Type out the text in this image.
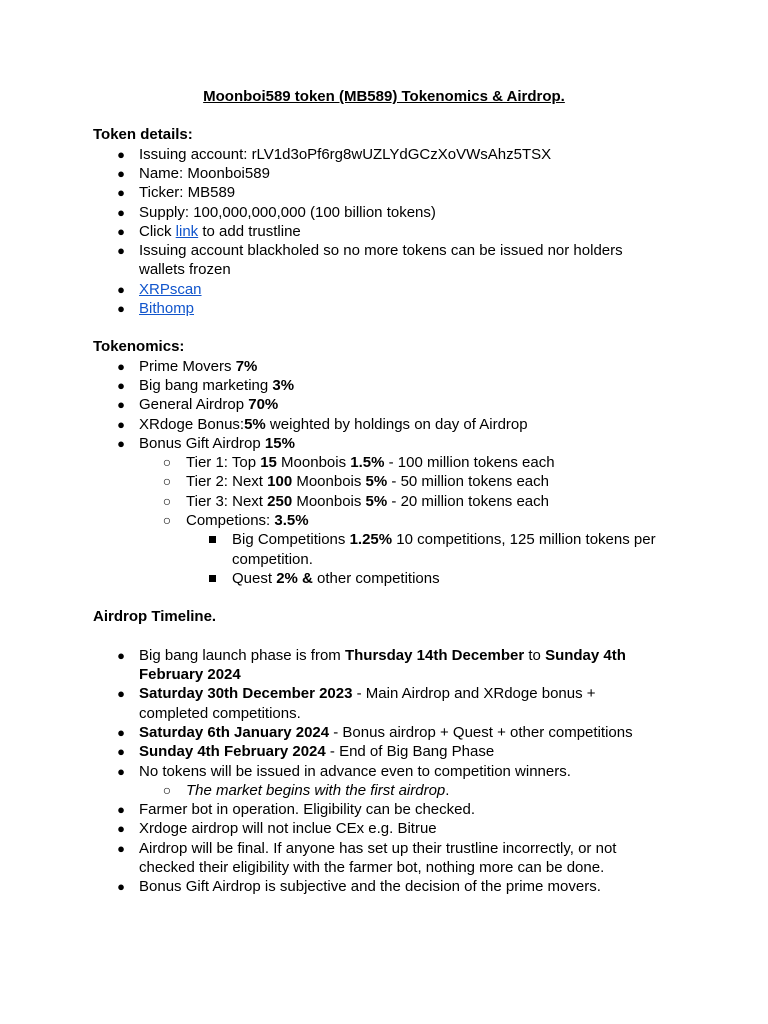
Moonboi589 token (MB589) Tokenomics & Airdrop.
Token details:
● Issuing account: rLV1d3oPf6rg8wUZLYdGCzXoVWsAhz5TSX
● Name: Moonboi589
● Ticker: MB589
● Supply: 100,000,000,000 (100 billion tokens)
● Click link to add trustline
● Issuing account blackholed so no more tokens can be issued nor holders
wallets frozen
● XRPscan
● Bithomp
Tokenomics:
● Prime Movers 7%
● Big bang marketing 3%
● General Airdrop 70%
● XRdoge Bonus:5% weighted by holdings on day of Airdrop
● Bonus Gift Airdrop 15%
○ Tier 1: Top 15 Moonbois 1.5% - 100 million tokens each
○ Tier 2: Next 100 Moonbois 5% - 50 million tokens each
○ Tier 3: Next 250 Moonbois 5% - 20 million tokens each
○ Competions: 3.5%
Big Competitions 1.25% 10 competitions, 125 million tokens per
competition.
Quest 2% & other competitions
Airdrop Timeline.
● Big bang launch phase is from Thursday 14th December to Sunday 4th
February 2024
● Saturday 30th December 2023 - Main Airdrop and XRdoge bonus +
completed competitions.
● Saturday 6th January 2024 - Bonus airdrop + Quest + other competitions
● Sunday 4th February 2024 - End of Big Bang Phase
● No tokens will be issued in advance even to competition winners.
○ The market begins with the first airdrop.
● Farmer bot in operation. Eligibility can be checked.
● Xrdoge airdrop will not inclue CEx e.g. Bitrue
● Airdrop will be final. If anyone has set up their trustline incorrectly, or not
checked their eligibility with the farmer bot, nothing more can be done.
● Bonus Gift Airdrop is subjective and the decision of the prime movers.
